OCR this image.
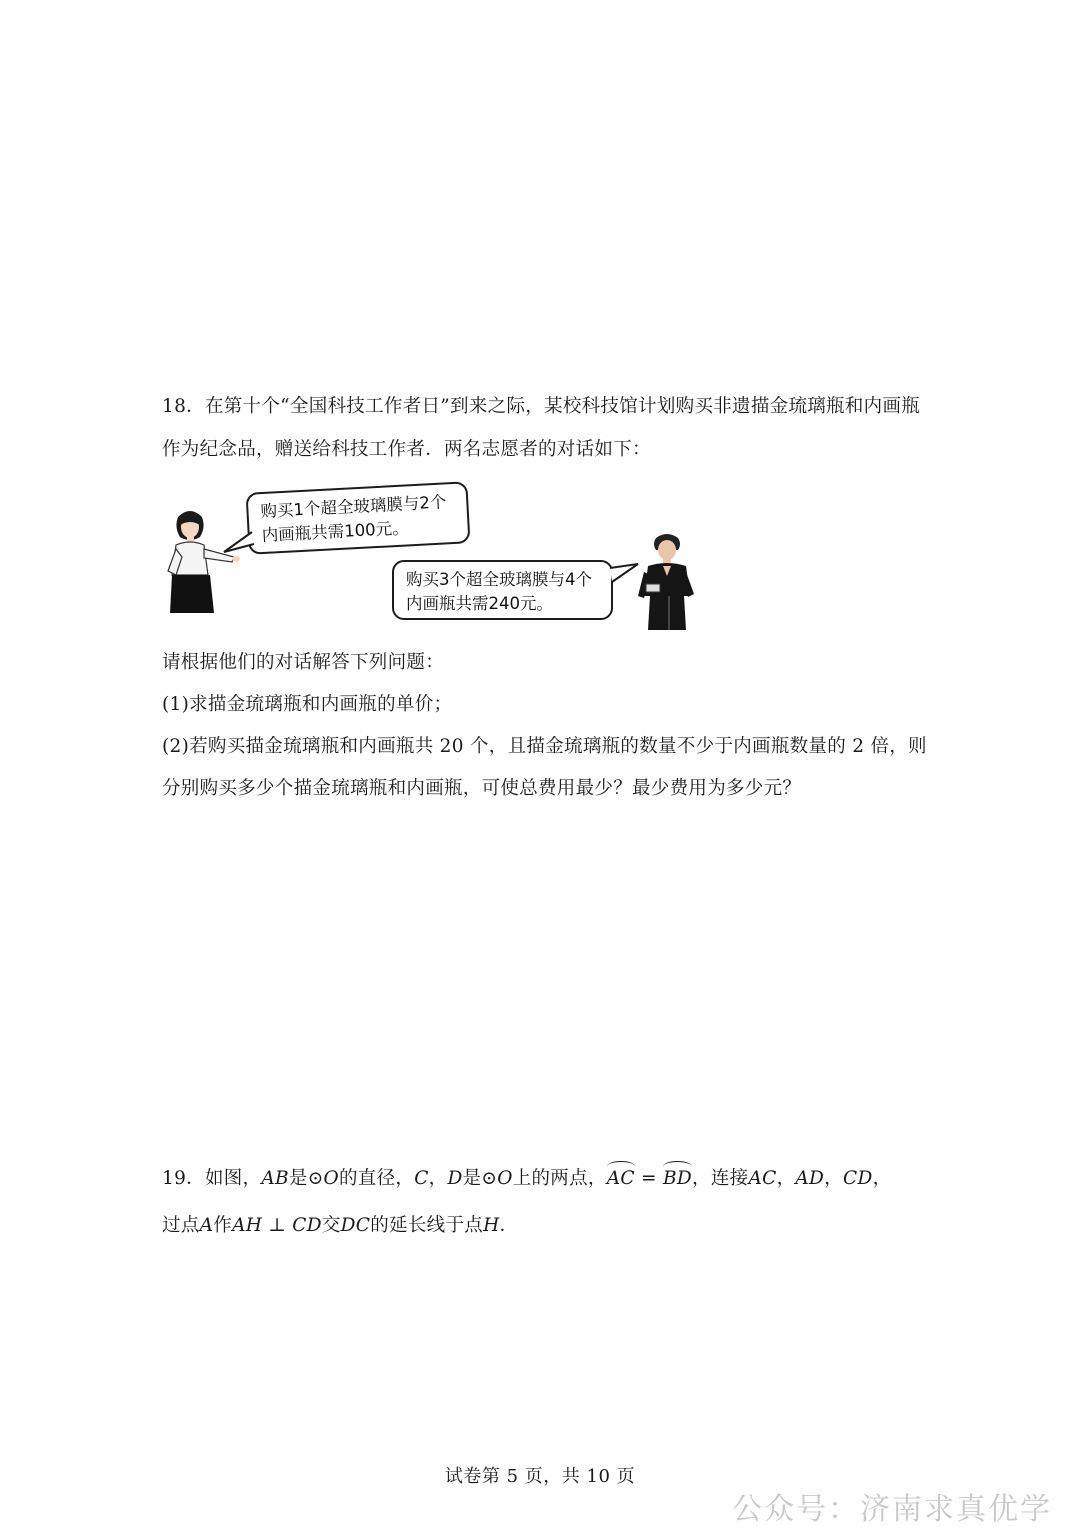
18．在第十个“全国科技工作者日”到来之际，某校科技馆计划购买非遗描金琉璃瓶和内画瓶
作为纪念品，赠送给科技工作者．两名志愿者的对话如下：
购买1个超全玻璃膜与2个
内画瓶共需100元。
购买3个超全玻璃膜与4个
内画瓶共需240元。
请根据他们的对话解答下列问题：
(1)求描金琉璃瓶和内画瓶的单价；
(2)若购买描金琉璃瓶和内画瓶共 20 个，且描金琉璃瓶的数量不少于内画瓶数量的 2 倍，则
分别购买多少个描金琉璃瓶和内画瓶，可使总费用最少？最少费用为多少元？
19．如图，AB是⊙O的直径，C，D是⊙O上的两点，AC = BD，连接AC，AD，CD，
过点A作AH ⊥ CD交DC的延长线于点H．
试卷第 5 页，共 10 页
公众号：济南求真优学
